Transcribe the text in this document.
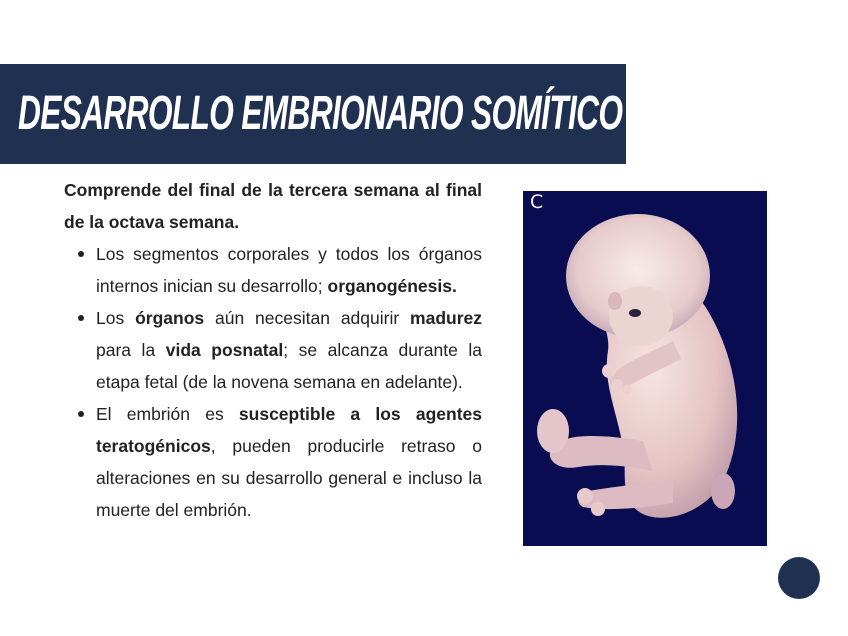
DESARROLLO EMBRIONARIO SOMÍTICO

Comprende del final de la tercera semana al final de la octava semana.

Los segmentos corporales y todos los órganos internos inician su desarrollo; organogénesis.
Los órganos aún necesitan adquirir madurez para la vida posnatal; se alcanza durante la etapa fetal (de la novena semana en adelante).
El embrión es susceptible a los agentes teratogénicos, pueden producirle retraso o alteraciones en su desarrollo general e incluso la muerte del embrión.
C
